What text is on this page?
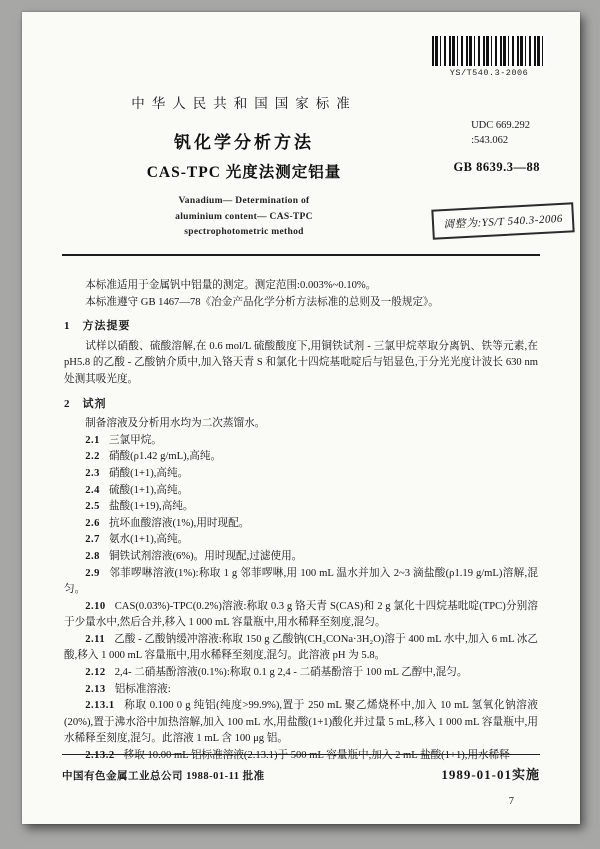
YS/T540.3-2006
中华人民共和国国家标准
UDC 669.292
:543.062
钒化学分析方法
CAS-TPC 光度法测定铝量	GB 8639.3—88
Vanadium— Determination of
aluminium content— CAS-TPC
spectrophotometric method
调整为:YS/T 540.3-2006

本标准适用于金属钒中铝量的测定。测定范围:0.003%~0.10%。

本标准遵守 GB 1467—78《冶金产品化学分析方法标准的总则及一般规定》。

1 方法提要

试样以硝酸、硫酸溶解,在 0.6 mol/L 硫酸酸度下,用铜铁试剂 - 三氯甲烷萃取分离钒、铁等元素,在 pH5.8 的乙酸 - 乙酸钠介质中,加入铬天青 S 和氯化十四烷基吡啶后与铝显色,于分光光度计波长 630 nm 处测其吸光度。

2 试剂

制备溶液及分析用水均为二次蒸馏水。

2.1 三氯甲烷。

2.2 硝酸(ρ1.42 g/mL),高纯。

2.3 硝酸(1+1),高纯。

2.4 硫酸(1+1),高纯。

2.5 盐酸(1+19),高纯。

2.6 抗坏血酸溶液(1%),用时现配。

2.7 氨水(1+1),高纯。

2.8 铜铁试剂溶液(6%)。用时现配,过滤使用。

2.9 邻菲啰啉溶液(1%):称取 1 g 邻菲啰啉,用 100 mL 温水并加入 2~3 滴盐酸(ρ1.19 g/mL)溶解,混匀。

2.10 CAS(0.03%)-TPC(0.2%)溶液:称取 0.3 g 铬天青 S(CAS)和 2 g 氯化十四烷基吡啶(TPC)分别溶于少量水中,然后合并,移入 1 000 mL 容量瓶中,用水稀释至刻度,混匀。

2.11 乙酸 - 乙酸钠缓冲溶液:称取 150 g 乙酸钠(CH₃CONa·3H₂O)溶于 400 mL 水中,加入 6 mL 冰乙酸,移入 1 000 mL 容量瓶中,用水稀释至刻度,混匀。此溶液 pH 为 5.8。

2.12 2,4- 二硝基酚溶液(0.1%):称取 0.1 g 2,4 - 二硝基酚溶于 100 mL 乙醇中,混匀。

2.13 铝标准溶液:

2.13.1 称取 0.100 0 g 纯铝(纯度>99.9%),置于 250 mL 聚乙烯烧杯中,加入 10 mL 氢氧化钠溶液(20%),置于沸水浴中加热溶解,加入 100 mL 水,用盐酸(1+1)酸化并过量 5 mL,移入 1 000 mL 容量瓶中,用水稀释至刻度,混匀。此溶液 1 mL 含 100 μg 铝。

2.13.2 移取 10.00 mL 铝标准溶液(2.13.1)于 500 mL 容量瓶中,加入 2 mL 盐酸(1+1),用水稀释

中国有色金属工业总公司 1988-01-11 批准	1989-01-01实施
7
